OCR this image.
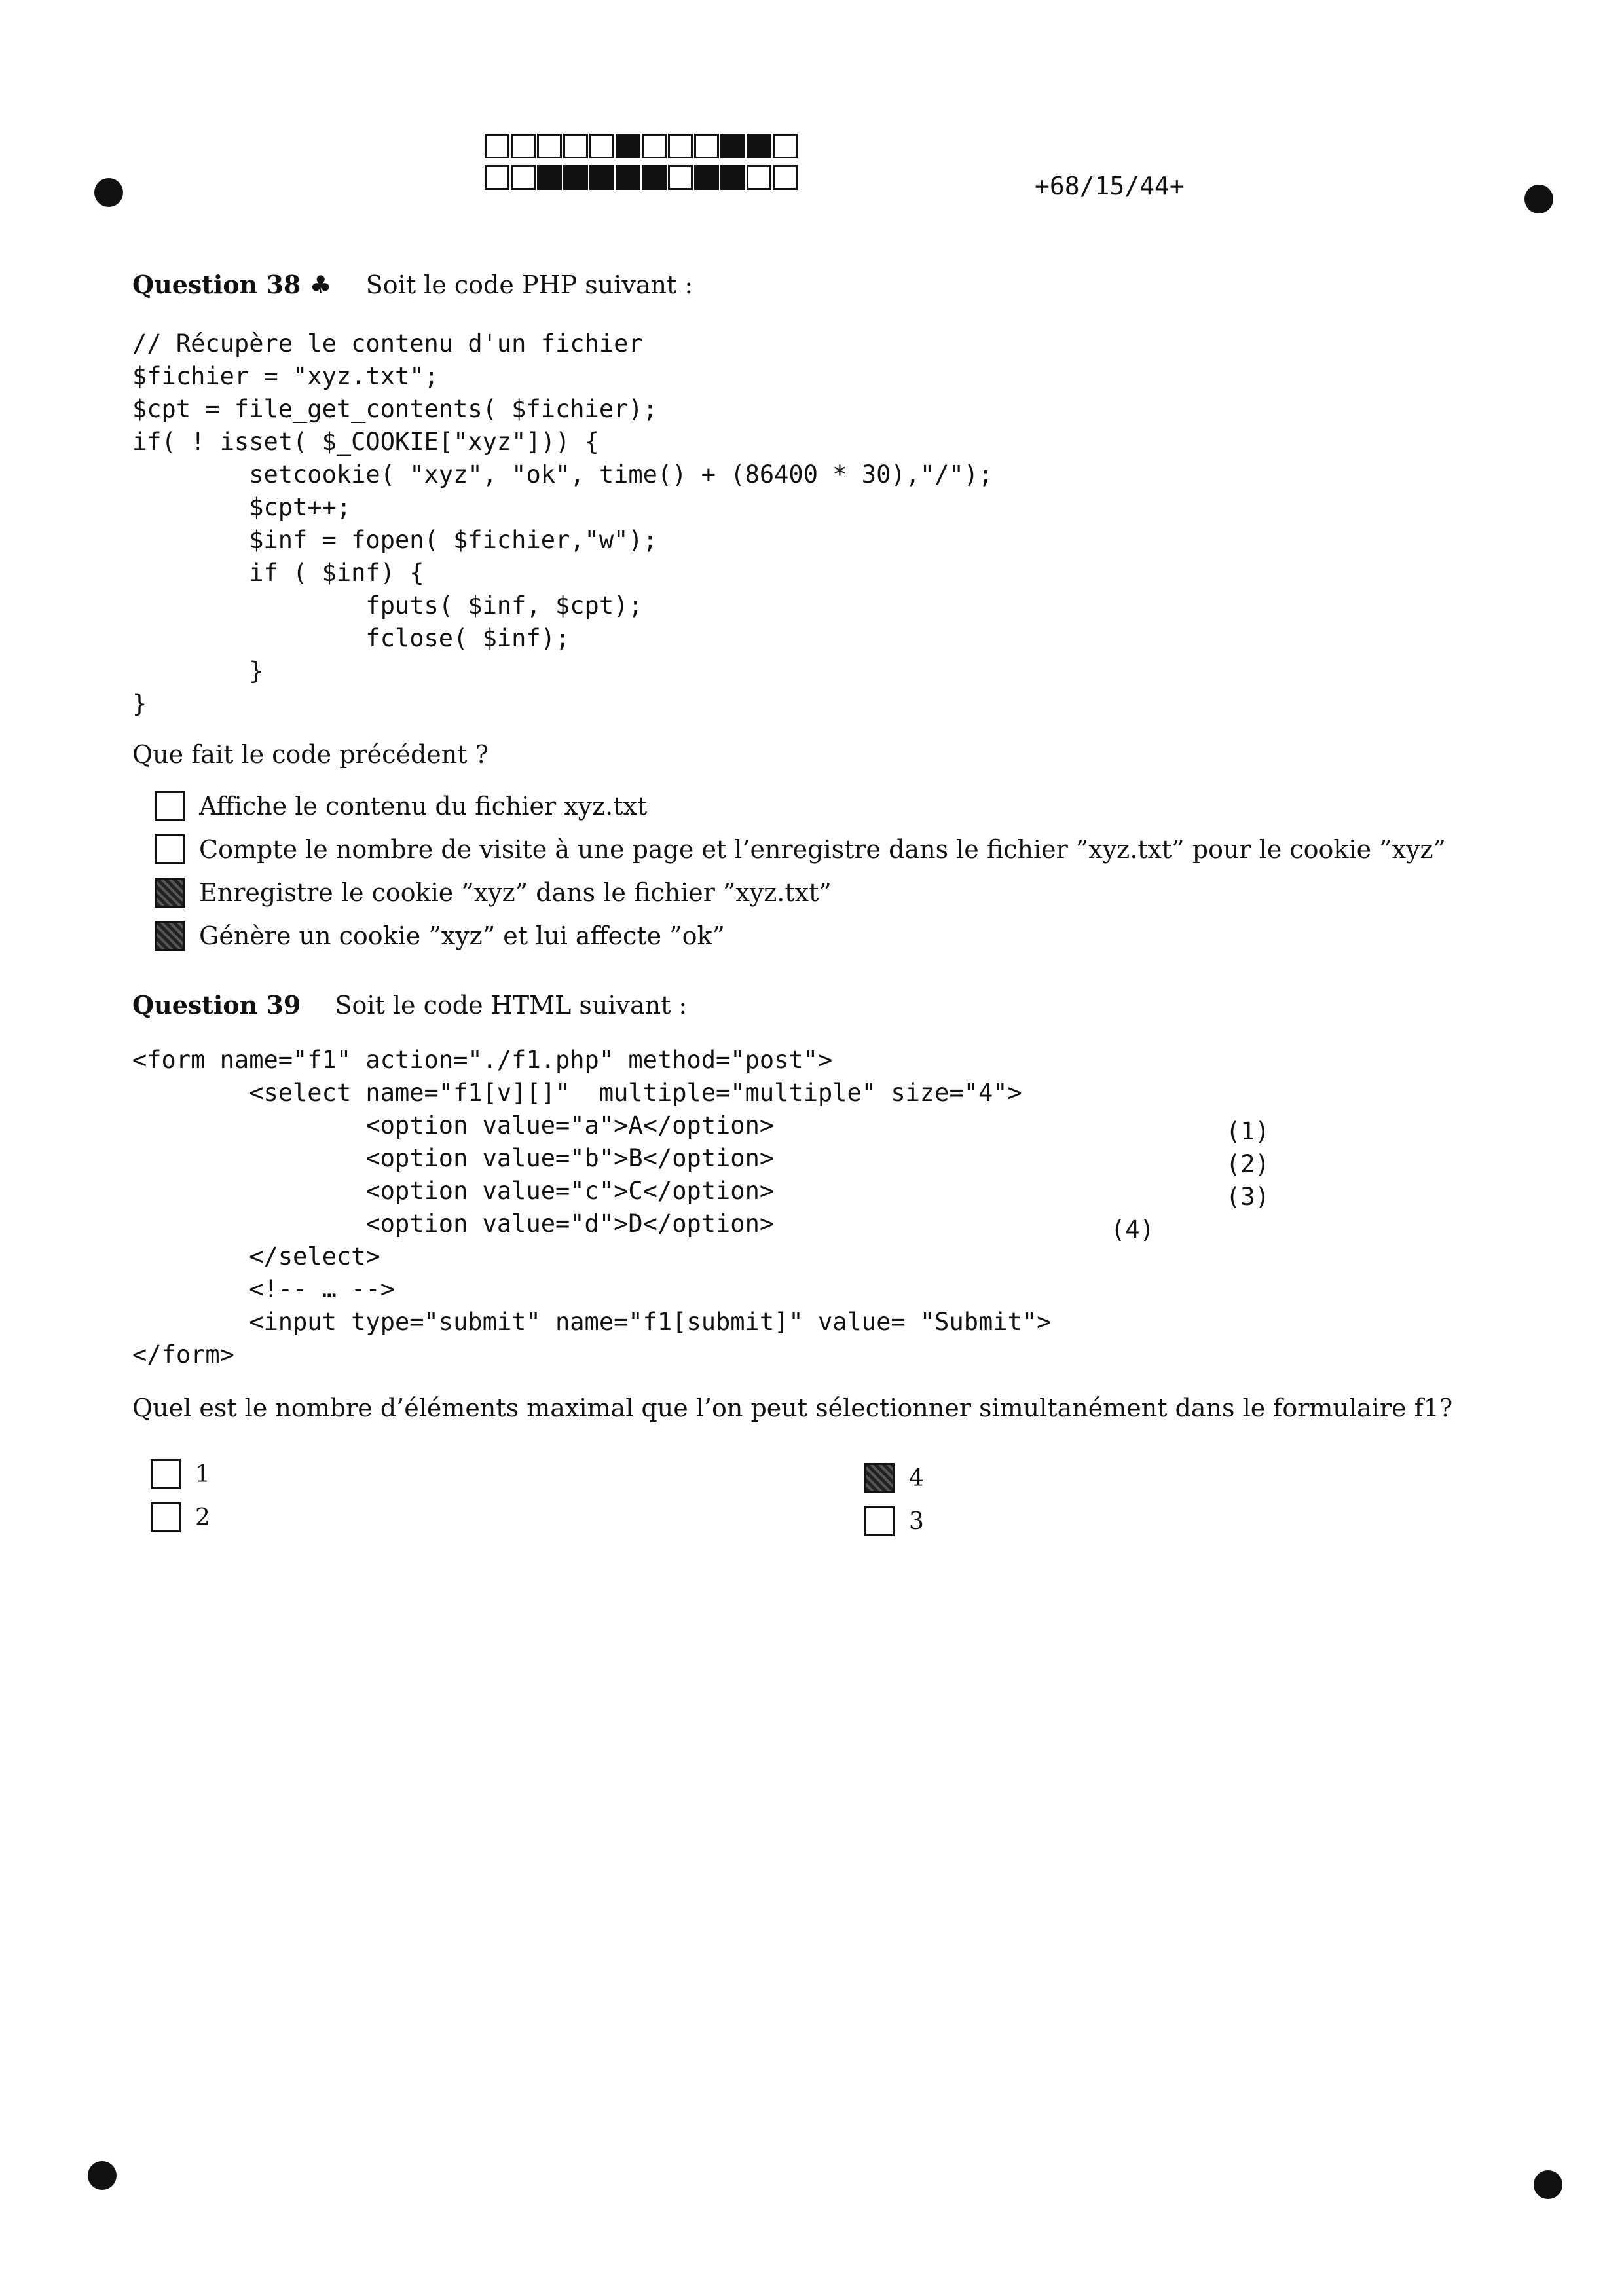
+68/15/44+
Question 38 ♣ Soit le code PHP suivant :
// Récupère le contenu d'un fichier
$fichier = "xyz.txt";
$cpt = file_get_contents( $fichier);
if( ! isset( $_COOKIE["xyz"])) {
setcookie( "xyz", "ok", time() + (86400 * 30),"/");
$cpt++;
$inf = fopen( $fichier,"w");
if ( $inf) {
fputs( $inf, $cpt);
fclose( $inf);
}
}
Que fait le code précédent ?
Affiche le contenu du fichier xyz.txt
Compte le nombre de visite à une page et l’enregistre dans le fichier ”xyz.txt” pour le cookie ”xyz”
Enregistre le cookie ”xyz” dans le fichier ”xyz.txt”
Génère un cookie ”xyz” et lui affecte ”ok”
Question 39 Soit le code HTML suivant :
<form name="f1" action="./f1.php" method="post">
<select name="f1[v][]"  multiple="multiple" size="4">
<option value="a">A</option>
<option value="b">B</option>
<option value="c">C</option>
<option value="d">D</option>
</select>
<!-- … -->
<input type="submit" name="f1[submit]" value= "Submit">
</form>
(1)
(2)
(3)
(4)
Quel est le nombre d’éléments maximal que l’on peut sélectionner simultanément dans le formulaire f1?
1
2
4
3
